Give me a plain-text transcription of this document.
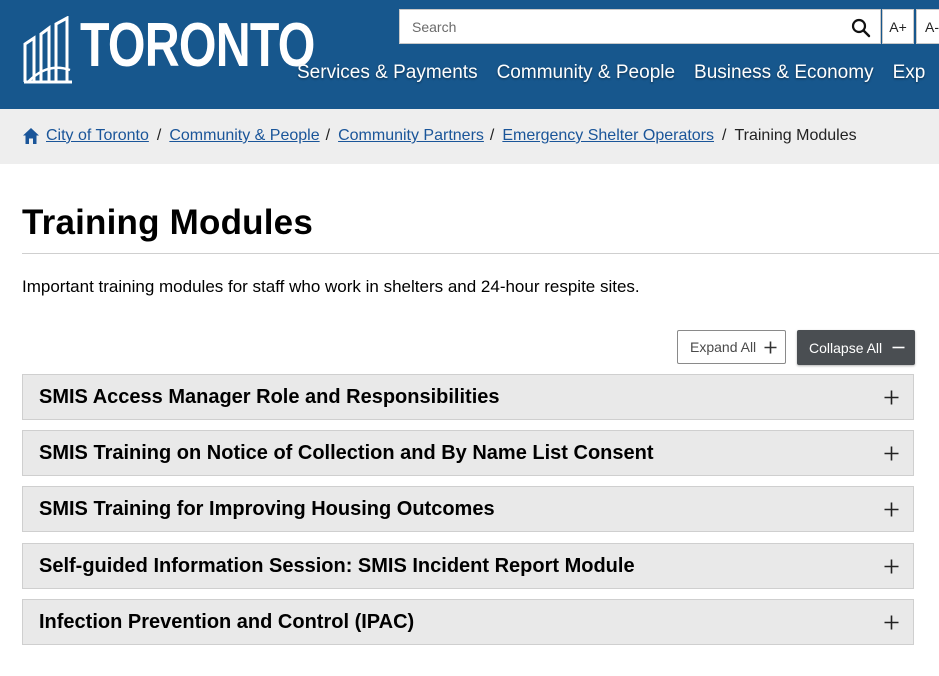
TORONTO
Search	A+	A-
Services & Payments Community & People Business & Economy Exp
City of Toronto / Community & People / Community Partners / Emergency Shelter Operators / Training Modules
Training Modules

Important training modules for staff who work in shelters and 24-hour respite sites.

Expand All	Collapse All
SMIS Access Manager Role and Responsibilities
SMIS Training on Notice of Collection and By Name List Consent
SMIS Training for Improving Housing Outcomes
Self-guided Information Session: SMIS Incident Report Module
Infection Prevention and Control (IPAC)
